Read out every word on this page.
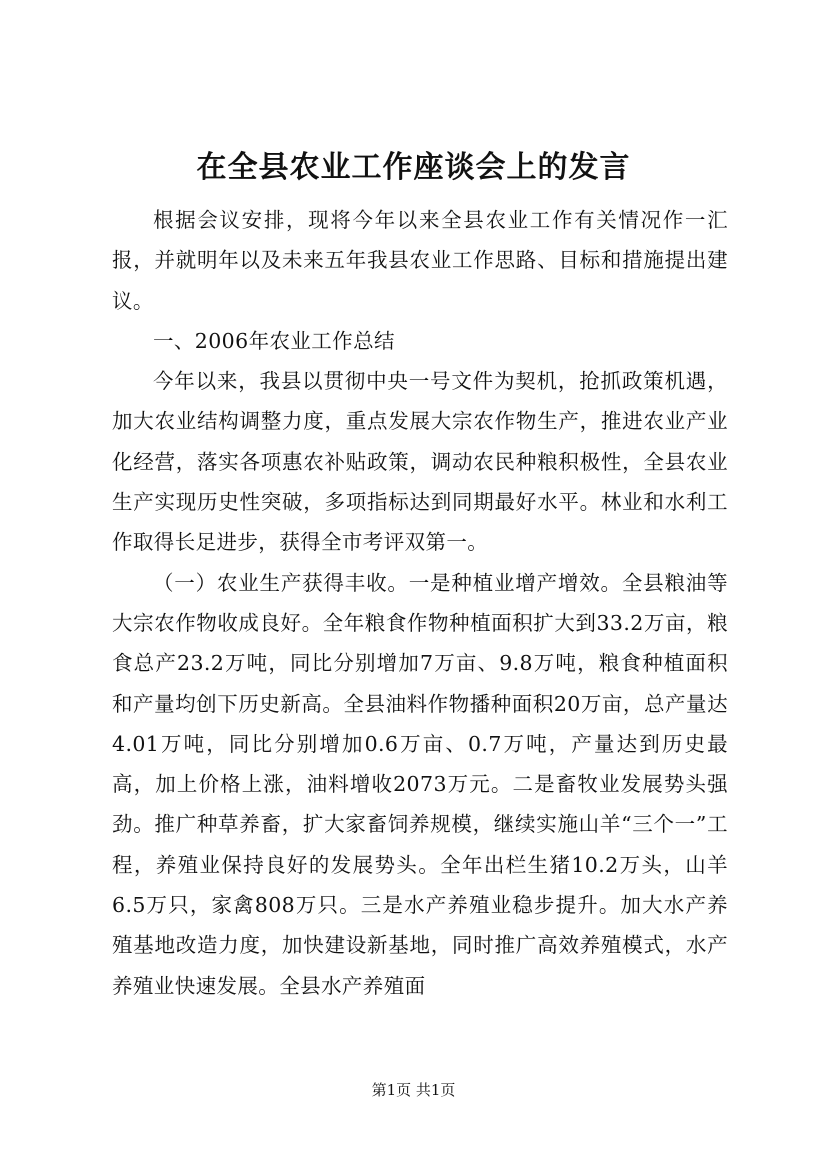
在全县农业工作座谈会上的发言

根据会议安排，现将今年以来全县农业工作有关情况作一汇报，并就明年以及未来五年我县农业工作思路、目标和措施提出建议。

一、2006年农业工作总结

今年以来，我县以贯彻中央一号文件为契机，抢抓政策机遇，加大农业结构调整力度，重点发展大宗农作物生产，推进农业产业化经营，落实各项惠农补贴政策，调动农民种粮积极性，全县农业生产实现历史性突破，多项指标达到同期最好水平。林业和水利工作取得长足进步，获得全市考评双第一。

（一）农业生产获得丰收。一是种植业增产增效。全县粮油等大宗农作物收成良好。全年粮食作物种植面积扩大到33.2万亩，粮食总产23.2万吨，同比分别增加7万亩、9.8万吨，粮食种植面积和产量均创下历史新高。全县油料作物播种面积20万亩，总产量达4.01万吨，同比分别增加0.6万亩、0.7万吨，产量达到历史最高，加上价格上涨，油料增收2073万元。二是畜牧业发展势头强劲。推广种草养畜，扩大家畜饲养规模，继续实施山羊“三个一”工程，养殖业保持良好的发展势头。全年出栏生猪10.2万头，山羊6.5万只，家禽808万只。三是水产养殖业稳步提升。加大水产养殖基地改造力度，加快建设新基地，同时推广高效养殖模式，水产养殖业快速发展。全县水产养殖面

第1页 共1页
